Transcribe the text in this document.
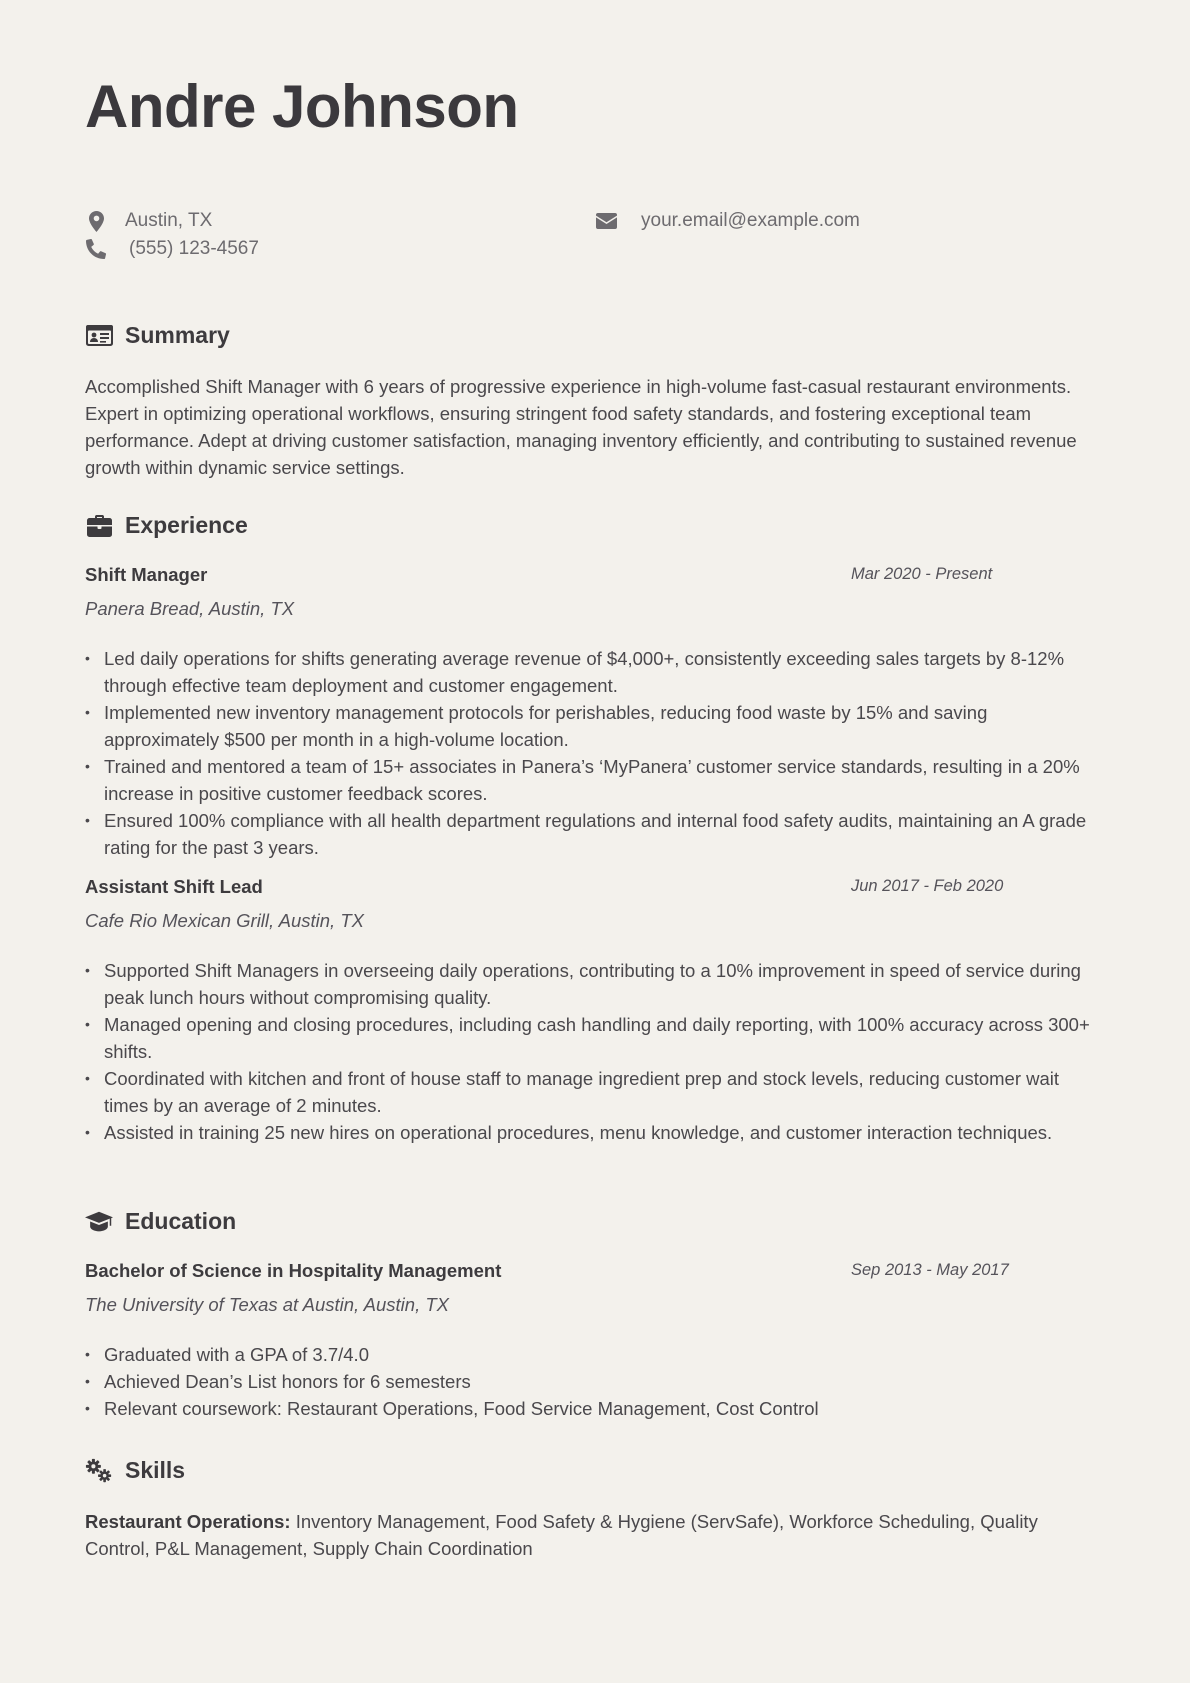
Andre Johnson
Austin, TX
(555) 123-4567
your.email@example.com
Summary

Accomplished Shift Manager with 6 years of progressive experience in high-volume fast-casual restaurant environments. Expert in optimizing operational workflows, ensuring stringent food safety standards, and fostering exceptional team performance. Adept at driving customer satisfaction, managing inventory efficiently, and contributing to sustained revenue growth within dynamic service settings.

Experience
Shift Manager	Mar 2020 - Present
Panera Bread, Austin, TX
• Led daily operations for shifts generating average revenue of $4,000+, consistently exceeding sales targets by 8-12% through effective team deployment and customer engagement.
• Implemented new inventory management protocols for perishables, reducing food waste by 15% and saving approximately $500 per month in a high-volume location.
• Trained and mentored a team of 15+ associates in Panera’s ‘MyPanera’ customer service standards, resulting in a 20% increase in positive customer feedback scores.
• Ensured 100% compliance with all health department regulations and internal food safety audits, maintaining an A grade rating for the past 3 years.
Assistant Shift Lead	Jun 2017 - Feb 2020
Cafe Rio Mexican Grill, Austin, TX
• Supported Shift Managers in overseeing daily operations, contributing to a 10% improvement in speed of service during peak lunch hours without compromising quality.
• Managed opening and closing procedures, including cash handling and daily reporting, with 100% accuracy across 300+ shifts.
• Coordinated with kitchen and front of house staff to manage ingredient prep and stock levels, reducing customer wait times by an average of 2 minutes.
• Assisted in training 25 new hires on operational procedures, menu knowledge, and customer interaction techniques.
Education
Bachelor of Science in Hospitality Management	Sep 2013 - May 2017
The University of Texas at Austin, Austin, TX
• Graduated with a GPA of 3.7/4.0
• Achieved Dean’s List honors for 6 semesters
• Relevant coursework: Restaurant Operations, Food Service Management, Cost Control
Skills

Restaurant Operations: Inventory Management, Food Safety & Hygiene (ServSafe), Workforce Scheduling, Quality Control, P&L Management, Supply Chain Coordination
